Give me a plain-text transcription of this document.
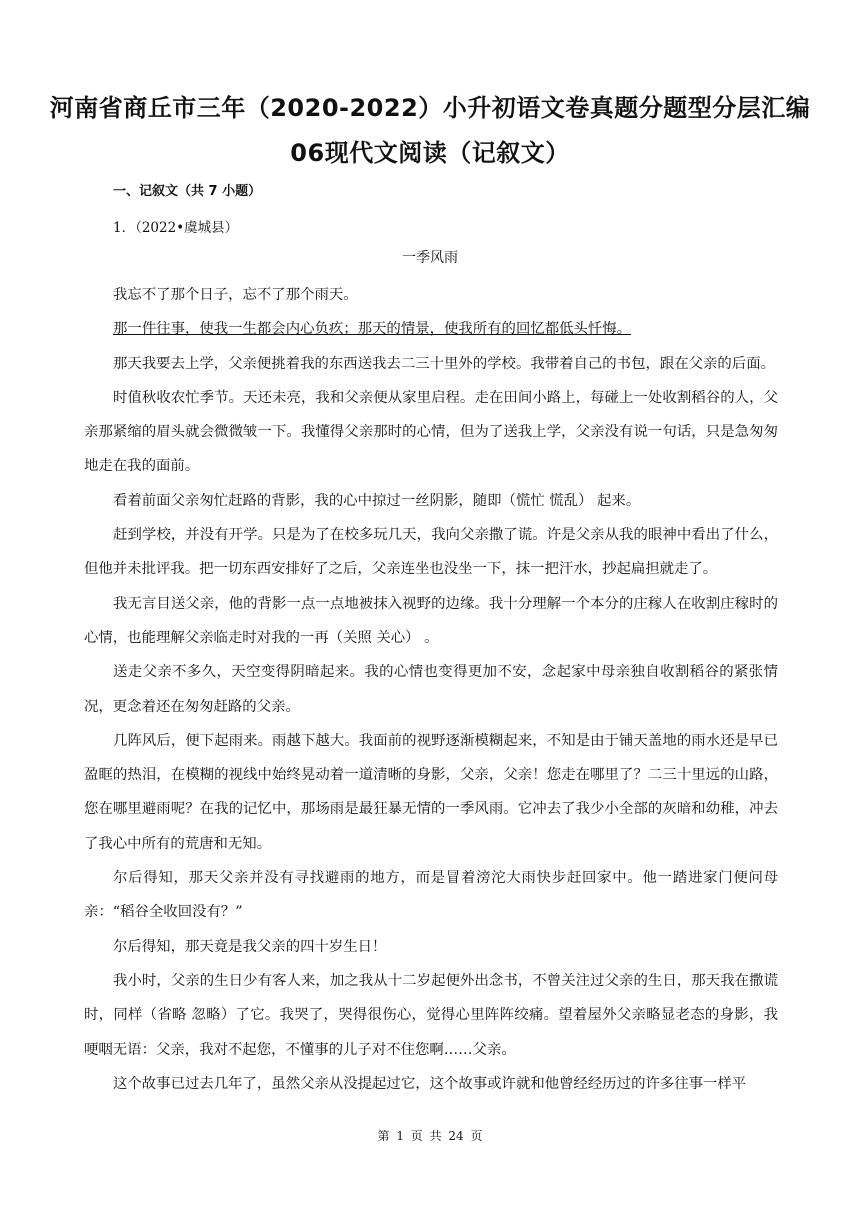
河南省商丘市三年（2020-2022）小升初语文卷真题分题型分层汇编
06现代文阅读（记叙文）
一、记叙文（共 7 小题）
1．（2022•虞城县）
一季风雨

我忘不了那个日子，忘不了那个雨天。

那一件往事，使我一生都会内心负疚；那天的情景，使我所有的回忆都低头忏悔。

那天我要去上学，父亲便挑着我的东西送我去二三十里外的学校。我带着自己的书包，跟在父亲的后面。

时值秋收农忙季节。天还未亮，我和父亲便从家里启程。走在田间小路上，每碰上一处收割稻谷的人，父亲那紧缩的眉头就会微微皱一下。我懂得父亲那时的心情，但为了送我上学，父亲没有说一句话，只是急匆匆地走在我的面前。

看着前面父亲匆忙赶路的背影，我的心中掠过一丝阴影，随即（慌忙 慌乱） 起来。

赶到学校，并没有开学。只是为了在校多玩几天，我向父亲撒了谎。许是父亲从我的眼神中看出了什么，但他并未批评我。把一切东西安排好了之后，父亲连坐也没坐一下，抹一把汗水，抄起扁担就走了。

我无言目送父亲，他的背影一点一点地被抹入视野的边缘。我十分理解一个本分的庄稼人在收割庄稼时的心情，也能理解父亲临走时对我的一再（关照 关心） 。

送走父亲不多久，天空变得阴暗起来。我的心情也变得更加不安，念起家中母亲独自收割稻谷的紧张情况，更念着还在匆匆赶路的父亲。

几阵风后，便下起雨来。雨越下越大。我面前的视野逐渐模糊起来，不知是由于铺天盖地的雨水还是早已盈眶的热泪，在模糊的视线中始终晃动着一道清晰的身影，父亲，父亲！您走在哪里了？二三十里远的山路，您在哪里避雨呢？在我的记忆中，那场雨是最狂暴无情的一季风雨。它冲去了我少小全部的灰暗和幼稚，冲去了我心中所有的荒唐和无知。

尔后得知，那天父亲并没有寻找避雨的地方，而是冒着滂沱大雨快步赶回家中。他一踏进家门便问母亲：“稻谷全收回没有？”

尔后得知，那天竟是我父亲的四十岁生日！

我小时，父亲的生日少有客人来，加之我从十二岁起便外出念书，不曾关注过父亲的生日，那天我在撒谎时，同样（省略 忽略）了它。我哭了，哭得很伤心，觉得心里阵阵绞痛。望着屋外父亲略显老态的身影，我哽咽无语：父亲，我对不起您，不懂事的儿子对不住您啊……父亲。

这个故事已过去几年了，虽然父亲从没提起过它，这个故事或许就和他曾经经历过的许多往事一样平

第 1 页 共 24 页
